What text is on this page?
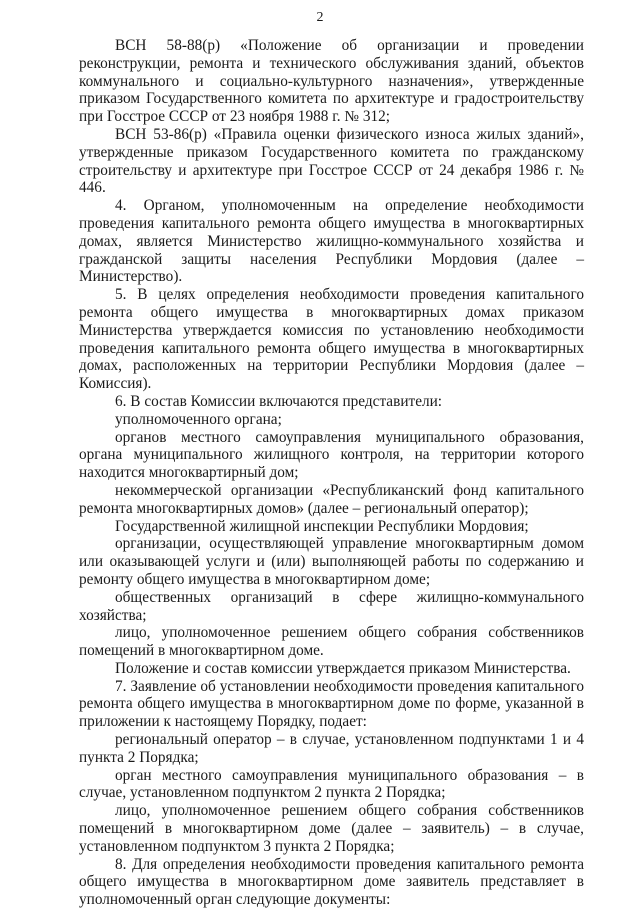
2

ВСН 58-88(р) «Положение об организации и проведении реконструкции, ремонта и технического обслуживания зданий, объектов коммунального и социально-культурного назначения», утвержденные приказом Государственного комитета по архитектуре и градостроительству при Госстрое СССР от 23 ноября 1988 г. № 312;

ВСН 53-86(р) «Правила оценки физического износа жилых зданий», утвержденные приказом Государственного комитета по гражданскому строительству и архитектуре при Госстрое СССР от 24 декабря 1986 г. № 446.

4. Органом, уполномоченным на определение необходимости проведения капитального ремонта общего имущества в многоквартирных домах, является Министерство жилищно-коммунального хозяйства и гражданской защиты населения Республики Мордовия (далее – Министерство).

5. В целях определения необходимости проведения капитального ремонта общего имущества в многоквартирных домах приказом Министерства утверждается комиссия по установлению необходимости проведения капитального ремонта общего имущества в многоквартирных домах, расположенных на территории Республики Мордовия (далее – Комиссия).

6. В состав Комиссии включаются представители:

уполномоченного органа;

органов местного самоуправления муниципального образования, органа муниципального жилищного контроля, на территории которого находится многоквартирный дом;

некоммерческой организации «Республиканский фонд капитального ремонта многоквартирных домов» (далее – региональный оператор);

Государственной жилищной инспекции Республики Мордовия;

организации, осуществляющей управление многоквартирным домом или оказывающей услуги и (или) выполняющей работы по содержанию и ремонту общего имущества в многоквартирном доме;

общественных организаций в сфере жилищно-коммунального хозяйства;

лицо, уполномоченное решением общего собрания собственников помещений в многоквартирном доме.

Положение и состав комиссии утверждается приказом Министерства.

7. Заявление об установлении необходимости проведения капитального ремонта общего имущества в многоквартирном доме по форме, указанной в приложении к настоящему Порядку, подает:

региональный оператор – в случае, установленном подпунктами 1 и 4 пункта 2 Порядка;

орган местного самоуправления муниципального образования – в случае, установленном подпунктом 2 пункта 2 Порядка;

лицо, уполномоченное решением общего собрания собственников помещений в многоквартирном доме (далее – заявитель) – в случае, установленном подпунктом 3 пункта 2 Порядка;

8. Для определения необходимости проведения капитального ремонта общего имущества в многоквартирном доме заявитель представляет в уполномоченный орган следующие документы:
